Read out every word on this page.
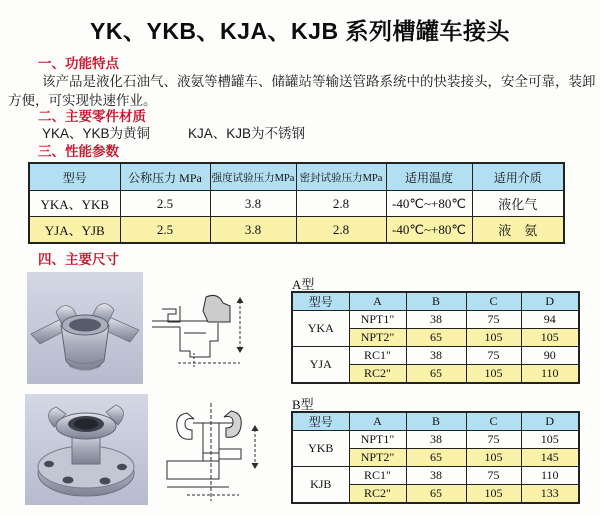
YK、YKB、KJA、KJB 系列槽罐车接头
一、功能特点
该产品是液化石油气、液氨等槽罐车、储罐站等输送管路系统中的快装接头，安全可靠，装卸
方便，可实现快速作业。
二、主要零件材质
YKA、YKB为黄铜	KJA、KJB为不锈钢
三、性能参数
型号	公称压力 MPa	强度试验压力MPa	密封试验压力MPa	适用温度	适用介质
YKA、YKB	2.5	3.8	2.8	-40℃~+80℃	液化气
YJA、YJB	2.5	3.8	2.8	-40℃~+80℃	液　氨
四、主要尺寸
A型
型号	A	B	C	D
YKA	NPT1"	38	75	94
	NPT2"	65	105	105
YJA	RC1"	38	75	90
	RC2"	65	105	110
B型
型号	A	B	C	D
YKB	NPT1"	38	75	105
	NPT2"	65	105	145
KJB	RC1"	38	75	110
	RC2"	65	105	133
